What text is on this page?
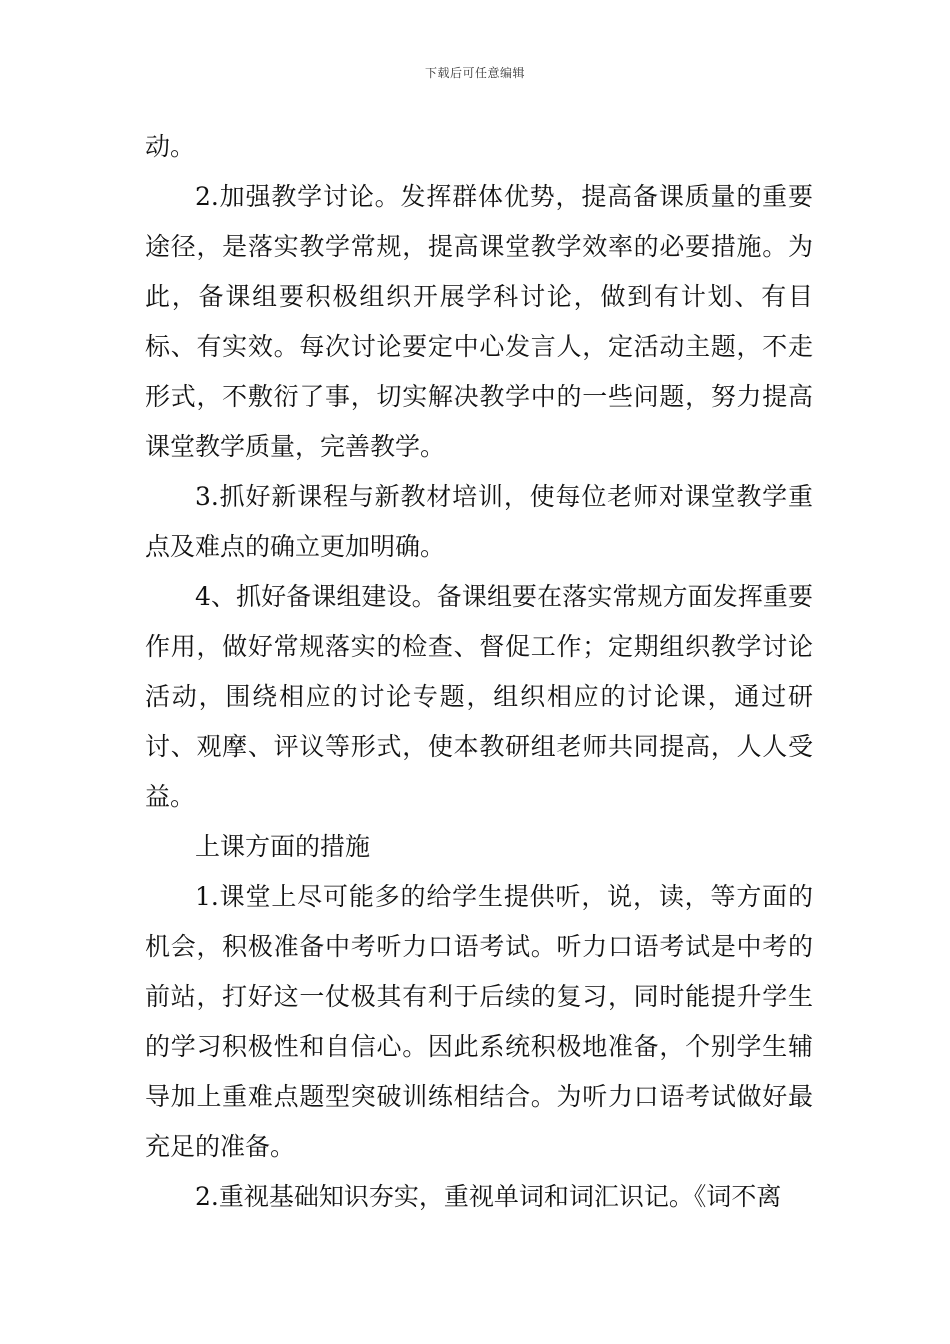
下载后可任意编辑

动。

2.加强教学讨论。发挥群体优势，提高备课质量的重要途径，是落实教学常规，提高课堂教学效率的必要措施。为此，备课组要积极组织开展学科讨论，做到有计划、有目标、有实效。每次讨论要定中心发言人，定活动主题，不走形式，不敷衍了事，切实解决教学中的一些问题，努力提高课堂教学质量，完善教学。

3.抓好新课程与新教材培训，使每位老师对课堂教学重点及难点的确立更加明确。

4、抓好备课组建设。备课组要在落实常规方面发挥重要作用，做好常规落实的检查、督促工作；定期组织教学讨论活动，围绕相应的讨论专题，组织相应的讨论课，通过研讨、观摩、评议等形式，使本教研组老师共同提高，人人受益。

上课方面的措施

1.课堂上尽可能多的给学生提供听，说，读，等方面的机会，积极准备中考听力口语考试。听力口语考试是中考的前站，打好这一仗极其有利于后续的复习，同时能提升学生的学习积极性和自信心。因此系统积极地准备，个别学生辅导加上重难点题型突破训练相结合。为听力口语考试做好最充足的准备。

2.重视基础知识夯实，重视单词和词汇识记。《词不离
